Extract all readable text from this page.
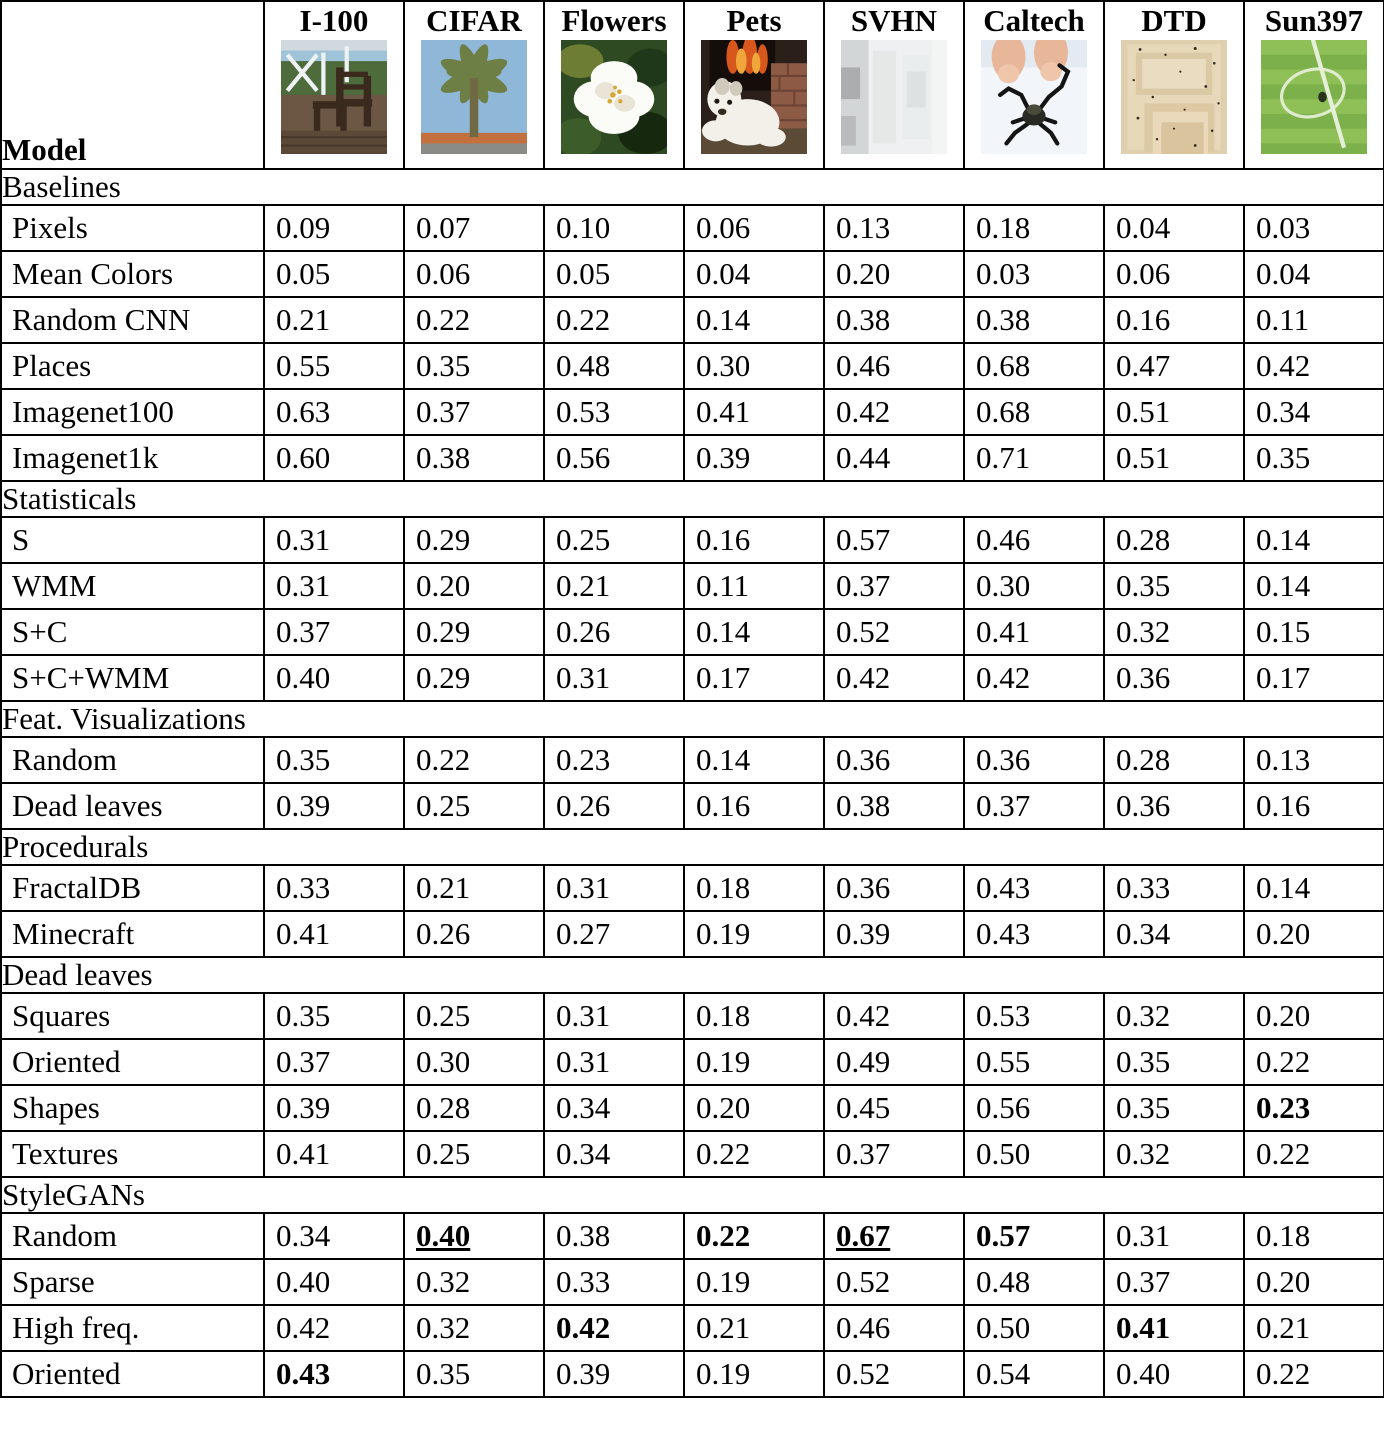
Model	I-100	CIFAR	Flowers	Pets	SVHN	Caltech	DTD	Sun397

Baselines								
Pixels	0.09	0.07	0.10	0.06	0.13	0.18	0.04	0.03
Mean Colors	0.05	0.06	0.05	0.04	0.20	0.03	0.06	0.04
Random CNN	0.21	0.22	0.22	0.14	0.38	0.38	0.16	0.11
Places	0.55	0.35	0.48	0.30	0.46	0.68	0.47	0.42
Imagenet100	0.63	0.37	0.53	0.41	0.42	0.68	0.51	0.34
Imagenet1k	0.60	0.38	0.56	0.39	0.44	0.71	0.51	0.35
Statisticals								
S	0.31	0.29	0.25	0.16	0.57	0.46	0.28	0.14
WMM	0.31	0.20	0.21	0.11	0.37	0.30	0.35	0.14
S+C	0.37	0.29	0.26	0.14	0.52	0.41	0.32	0.15
S+C+WMM	0.40	0.29	0.31	0.17	0.42	0.42	0.36	0.17
Feat. Visualizations								
Random	0.35	0.22	0.23	0.14	0.36	0.36	0.28	0.13
Dead leaves	0.39	0.25	0.26	0.16	0.38	0.37	0.36	0.16
Procedurals								
FractalDB	0.33	0.21	0.31	0.18	0.36	0.43	0.33	0.14
Minecraft	0.41	0.26	0.27	0.19	0.39	0.43	0.34	0.20
Dead leaves								
Squares	0.35	0.25	0.31	0.18	0.42	0.53	0.32	0.20
Oriented	0.37	0.30	0.31	0.19	0.49	0.55	0.35	0.22
Shapes	0.39	0.28	0.34	0.20	0.45	0.56	0.35	0.23
Textures	0.41	0.25	0.34	0.22	0.37	0.50	0.32	0.22
StyleGANs								
Random	0.34	0.40	0.38	0.22	0.67	0.57	0.31	0.18
Sparse	0.40	0.32	0.33	0.19	0.52	0.48	0.37	0.20
High freq.	0.42	0.32	0.42	0.21	0.46	0.50	0.41	0.21
Oriented	0.43	0.35	0.39	0.19	0.52	0.54	0.40	0.22
